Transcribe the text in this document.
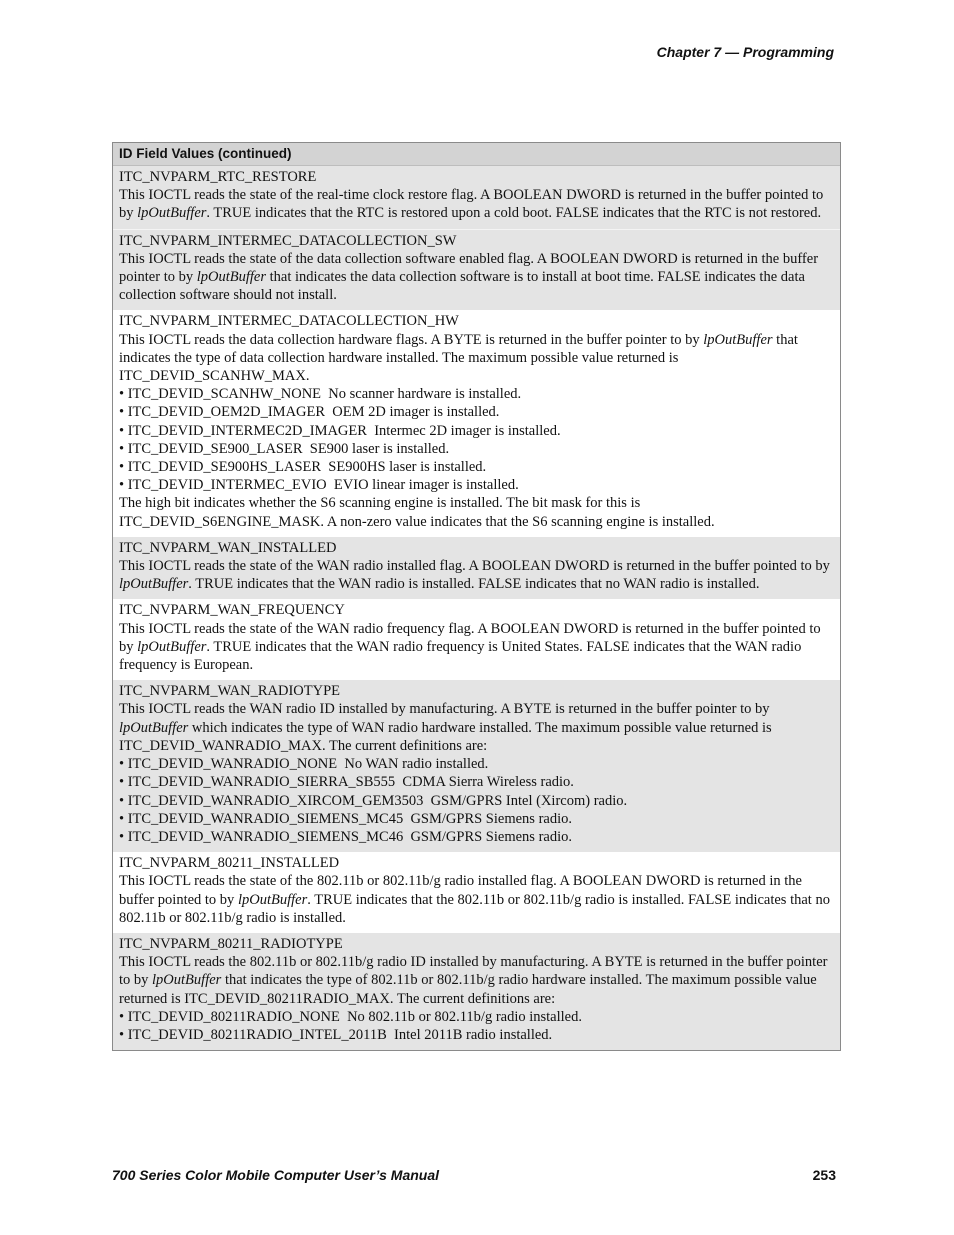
Chapter 7 — Programming
ID Field Values (continued)

ITC_NVPARM_RTC_RESTORE

This IOCTL reads the state of the real-time clock restore flag. A BOOLEAN DWORD is returned in the buffer pointed to by lpOutBuffer. TRUE indicates that the RTC is restored upon a cold boot. FALSE indicates that the RTC is not restored.

ITC_NVPARM_INTERMEC_DATACOLLECTION_SW

This IOCTL reads the state of the data collection software enabled flag. A BOOLEAN DWORD is returned in the buffer pointer to by lpOutBuffer that indicates the data collection software is to install at boot time. FALSE indicates the data collection software should not install.

ITC_NVPARM_INTERMEC_DATACOLLECTION_HW

This IOCTL reads the data collection hardware flags. A BYTE is returned in the buffer pointer to by lpOutBuffer that indicates the type of data collection hardware installed. The maximum possible value returned is ITC_DEVID_SCANHW_MAX.

• ITC_DEVID_SCANHW_NONE No scanner hardware is installed.

• ITC_DEVID_OEM2D_IMAGER OEM 2D imager is installed.

• ITC_DEVID_INTERMEC2D_IMAGER Intermec 2D imager is installed.

• ITC_DEVID_SE900_LASER SE900 laser is installed.

• ITC_DEVID_SE900HS_LASER SE900HS laser is installed.

• ITC_DEVID_INTERMEC_EVIO EVIO linear imager is installed.

The high bit indicates whether the S6 scanning engine is installed. The bit mask for this is ITC_DEVID_S6ENGINE_MASK. A non-zero value indicates that the S6 scanning engine is installed.

ITC_NVPARM_WAN_INSTALLED

This IOCTL reads the state of the WAN radio installed flag. A BOOLEAN DWORD is returned in the buffer pointed to by lpOutBuffer. TRUE indicates that the WAN radio is installed. FALSE indicates that no WAN radio is installed.

ITC_NVPARM_WAN_FREQUENCY

This IOCTL reads the state of the WAN radio frequency flag. A BOOLEAN DWORD is returned in the buffer pointed to by lpOutBuffer. TRUE indicates that the WAN radio frequency is United States. FALSE indicates that the WAN radio frequency is European.

ITC_NVPARM_WAN_RADIOTYPE

This IOCTL reads the WAN radio ID installed by manufacturing. A BYTE is returned in the buffer pointer to by lpOutBuffer which indicates the type of WAN radio hardware installed. The maximum possible value returned is ITC_DEVID_WANRADIO_MAX. The current definitions are:

• ITC_DEVID_WANRADIO_NONE No WAN radio installed.

• ITC_DEVID_WANRADIO_SIERRA_SB555 CDMA Sierra Wireless radio.

• ITC_DEVID_WANRADIO_XIRCOM_GEM3503 GSM/GPRS Intel (Xircom) radio.

• ITC_DEVID_WANRADIO_SIEMENS_MC45 GSM/GPRS Siemens radio.

• ITC_DEVID_WANRADIO_SIEMENS_MC46 GSM/GPRS Siemens radio.

ITC_NVPARM_80211_INSTALLED

This IOCTL reads the state of the 802.11b or 802.11b/g radio installed flag. A BOOLEAN DWORD is returned in the buffer pointed to by lpOutBuffer. TRUE indicates that the 802.11b or 802.11b/g radio is installed. FALSE indicates that no 802.11b or 802.11b/g radio is installed.

ITC_NVPARM_80211_RADIOTYPE

This IOCTL reads the 802.11b or 802.11b/g radio ID installed by manufacturing. A BYTE is returned in the buffer pointer to by lpOutBuffer that indicates the type of 802.11b or 802.11b/g radio hardware installed. The maximum possible value returned is ITC_DEVID_80211RADIO_MAX. The current definitions are:

• ITC_DEVID_80211RADIO_NONE No 802.11b or 802.11b/g radio installed.

• ITC_DEVID_80211RADIO_INTEL_2011B Intel 2011B radio installed.

700 Series Color Mobile Computer User’s Manual	253
